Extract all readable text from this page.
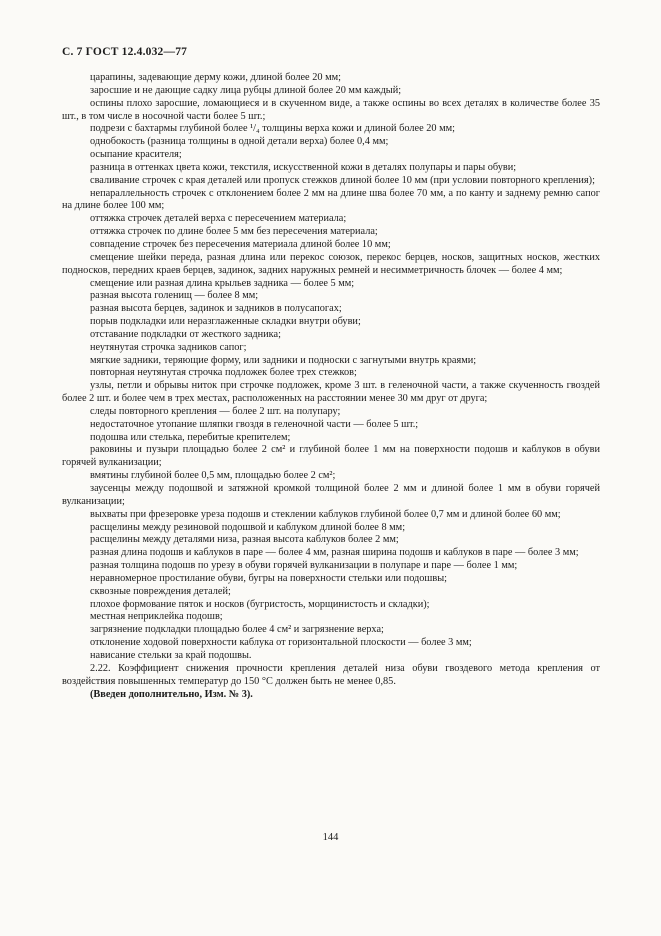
С. 7 ГОСТ 12.4.032—77

царапины, задевающие дерму кожи, длиной более 20 мм;

заросшие и не дающие садку лица рубцы длиной более 20 мм каждый;

оспины плохо заросшие, ломающиеся и в скученном виде, а также оспины во всех деталях в количестве более 35 шт., в том числе в носочной части более 5 шт.;

подрези с бахтармы глубиной более ¹/₄ толщины верха кожи и длиной более 20 мм;

однобокость (разница толщины в одной детали верха) более 0,4 мм;

осыпание красителя;

разница в оттенках цвета кожи, текстиля, искусственной кожи в деталях полупары и пары обуви;

сваливание строчек с края деталей или пропуск стежков длиной более 10 мм (при условии повторного крепления);

непараллельность строчек с отклонением более 2 мм на длине шва более 70 мм, а по канту и заднему ремню сапог на длине более 100 мм;

оттяжка строчек деталей верха с пересечением материала;

оттяжка строчек по длине более 5 мм без пересечения материала;

совпадение строчек без пересечения материала длиной более 10 мм;

смещение шейки переда, разная длина или перекос союзок, перекос берцев, носков, защитных носков, жестких подносков, передних краев берцев, задинок, задних наружных ремней и несимметричность блочек — более 4 мм;

смещение или разная длина крыльев задника — более 5 мм;

разная высота голенищ — более 8 мм;

разная высота берцев, задинок и задников в полусапогах;

порыв подкладки или неразглаженные складки внутри обуви;

отставание подкладки от жесткого задника;

неутянутая строчка задников сапог;

мягкие задники, теряющие форму, или задники и подноски с загнутыми внутрь краями;

повторная неутянутая строчка подложек более трех стежков;

узлы, петли и обрывы ниток при строчке подложек, кроме 3 шт. в геленочной части, а также скученность гвоздей более 2 шт. и более чем в трех местах, расположенных на расстоянии менее 30 мм друг от друга;

следы повторного крепления — более 2 шт. на полупару;

недостаточное утопание шляпки гвоздя в геленочной части — более 5 шт.;

подошва или стелька, перебитые крепителем;

раковины и пузыри площадью более 2 см² и глубиной более 1 мм на поверхности подошв и каблуков в обуви горячей вулканизации;

вмятины глубиной более 0,5 мм, площадью более 2 см²;

заусенцы между подошвой и затяжной кромкой толщиной более 2 мм и длиной более 1 мм в обуви горячей вулканизации;

выхваты при фрезеровке уреза подошв и стеклении каблуков глубиной более 0,7 мм и длиной более 60 мм;

расщелины между резиновой подошвой и каблуком длиной более 8 мм;

расщелины между деталями низа, разная высота каблуков более 2 мм;

разная длина подошв и каблуков в паре — более 4 мм, разная ширина подошв и каблуков в паре — более 3 мм;

разная толщина подошв по урезу в обуви горячей вулканизации в полупаре и паре — более 1 мм;

неравномерное простилание обуви, бугры на поверхности стельки или подошвы;

сквозные повреждения деталей;

плохое формование пяток и носков (бугристость, морщинистость и складки);

местная неприклейка подошв;

загрязнение подкладки площадью более 4 см² и загрязнение верха;

отклонение ходовой поверхности каблука от горизонтальной плоскости — более 3 мм;

нависание стельки за край подошвы.

2.22. Коэффициент снижения прочности крепления деталей низа обуви гвоздевого метода крепления от воздействия повышенных температур до 150 °С должен быть не менее 0,85.

(Введен дополнительно, Изм. № 3).

144
